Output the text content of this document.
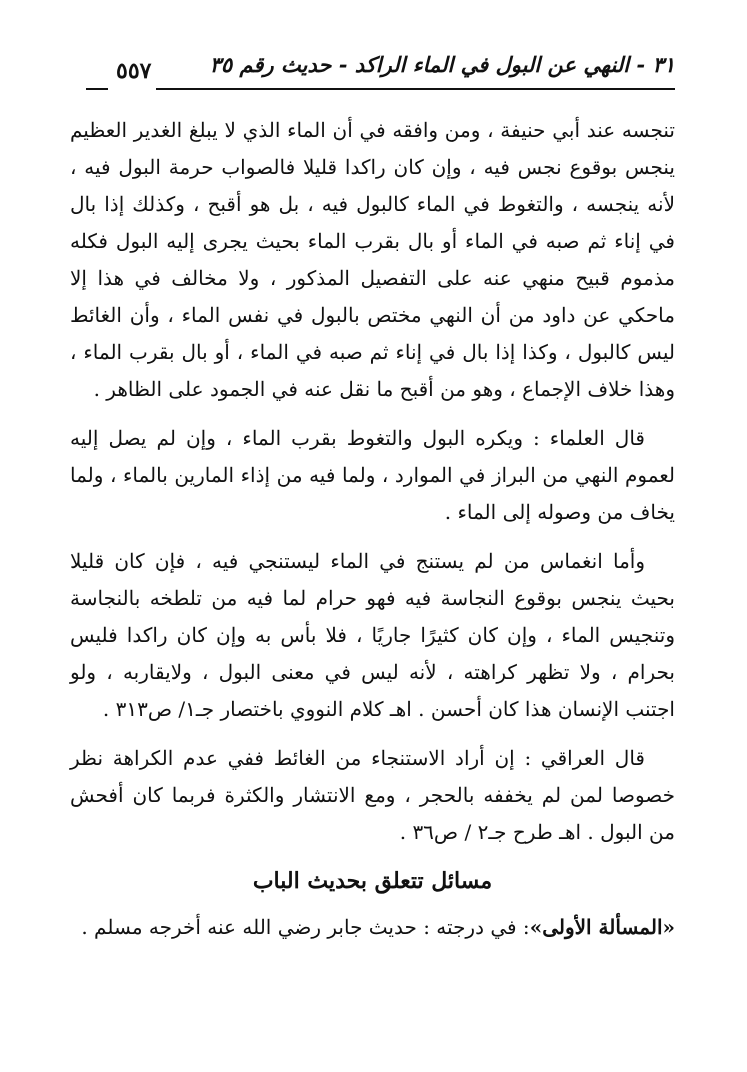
٣١ - النهي عن البول في الماء الراكد - حديث رقم ٣٥
٥٥٧

تنجسه عند أبي حنيفة ، ومن وافقه في أن الماء الذي لا يبلغ الغدير العظيم ينجس بوقوع نجس فيه ، وإن كان راكدا قليلا فالصواب حرمة البول فيه ، لأنه ينجسه ، والتغوط في الماء كالبول فيه ، بل هو أقبح ، وكذلك إذا بال في إناء ثم صبه في الماء أو بال بقرب الماء بحيث يجرى إليه البول فكله مذموم قبيح منهي عنه على التفصيل المذكور ، ولا مخالف في هذا إلا ماحكي عن داود من أن النهي مختص بالبول في نفس الماء ، وأن الغائط ليس كالبول ، وكذا إذا بال في إناء ثم صبه في الماء ، أو بال بقرب الماء ، وهذا خلاف الإجماع ، وهو من أقبح ما نقل عنه في الجمود على الظاهر .

قال العلماء : ويكره البول والتغوط بقرب الماء ، وإن لم يصل إليه لعموم النهي من البراز في الموارد ، ولما فيه من إذاء المارين بالماء ، ولما يخاف من وصوله إلى الماء .

وأما انغماس من لم يستنج في الماء ليستنجي فيه ، فإن كان قليلا بحيث ينجس بوقوع النجاسة فيه فهو حرام لما فيه من تلطخه بالنجاسة وتنجيس الماء ، وإن كان كثيرًا جاريًا ، فلا بأس به وإن كان راكدا فليس بحرام ، ولا تظهر كراهته ، لأنه ليس في معنى البول ، ولايقاربه ، ولو اجتنب الإنسان هذا كان أحسن . اهـ كلام النووي باختصار جـ١/ ص٣١٣ .

قال العراقي : إن أراد الاستنجاء من الغائط ففي عدم الكراهة نظر خصوصا لمن لم يخففه بالحجر ، ومع الانتشار والكثرة فربما كان أفحش من البول . اهـ طرح جـ٢ / ص٣٦ .

مسائل تتعلق بحديث الباب

«المسألة الأولى»: في درجته : حديث جابر رضي الله عنه أخرجه مسلم .
